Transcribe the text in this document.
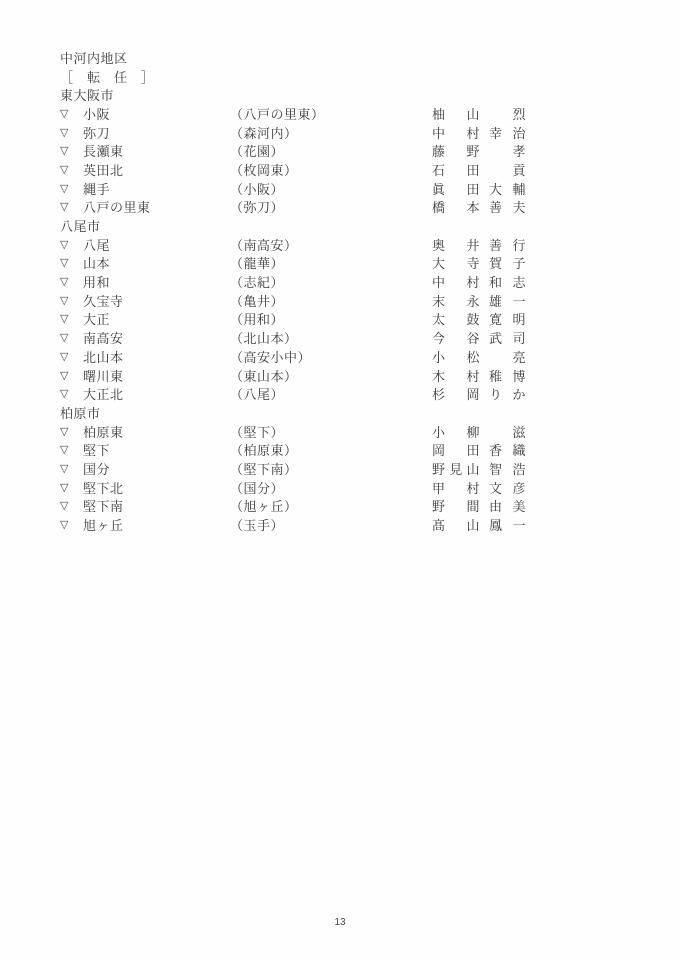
中河内地区
［　転　任　］
東大阪市
▽	小阪	（八戸の里東）	柚 山 烈
▽	弥刀	（森河内）	中 村 幸 治
▽	長瀬東	（花園）	藤 野 孝
▽	英田北	（枚岡東）	石 田 貢
▽	縄手	（小阪）	眞 田 大 輔
▽	八戸の里東	（弥刀）	橋 本 善 夫
八尾市
▽	八尾	（南高安）	奥 井 善 行
▽	山本	（龍華）	大 寺 賀 子
▽	用和	（志紀）	中 村 和 志
▽	久宝寺	（亀井）	末 永 雄 一
▽	大正	（用和）	太 鼓 寛 明
▽	南高安	（北山本）	今 谷 武 司
▽	北山本	（高安小中）	小 松 亮
▽	曙川東	（東山本）	木 村 稚 博
▽	大正北	（八尾）	杉 岡 り か
柏原市
▽	柏原東	（堅下）	小 柳 滋
▽	堅下	（柏原東）	岡 田 香 織
▽	国分	（堅下南）	野 見 山 智 浩
▽	堅下北	（国分）	甲 村 文 彦
▽	堅下南	（旭ヶ丘）	野 間 由 美
▽	旭ヶ丘	（玉手）	髙 山 鳳 一
13
